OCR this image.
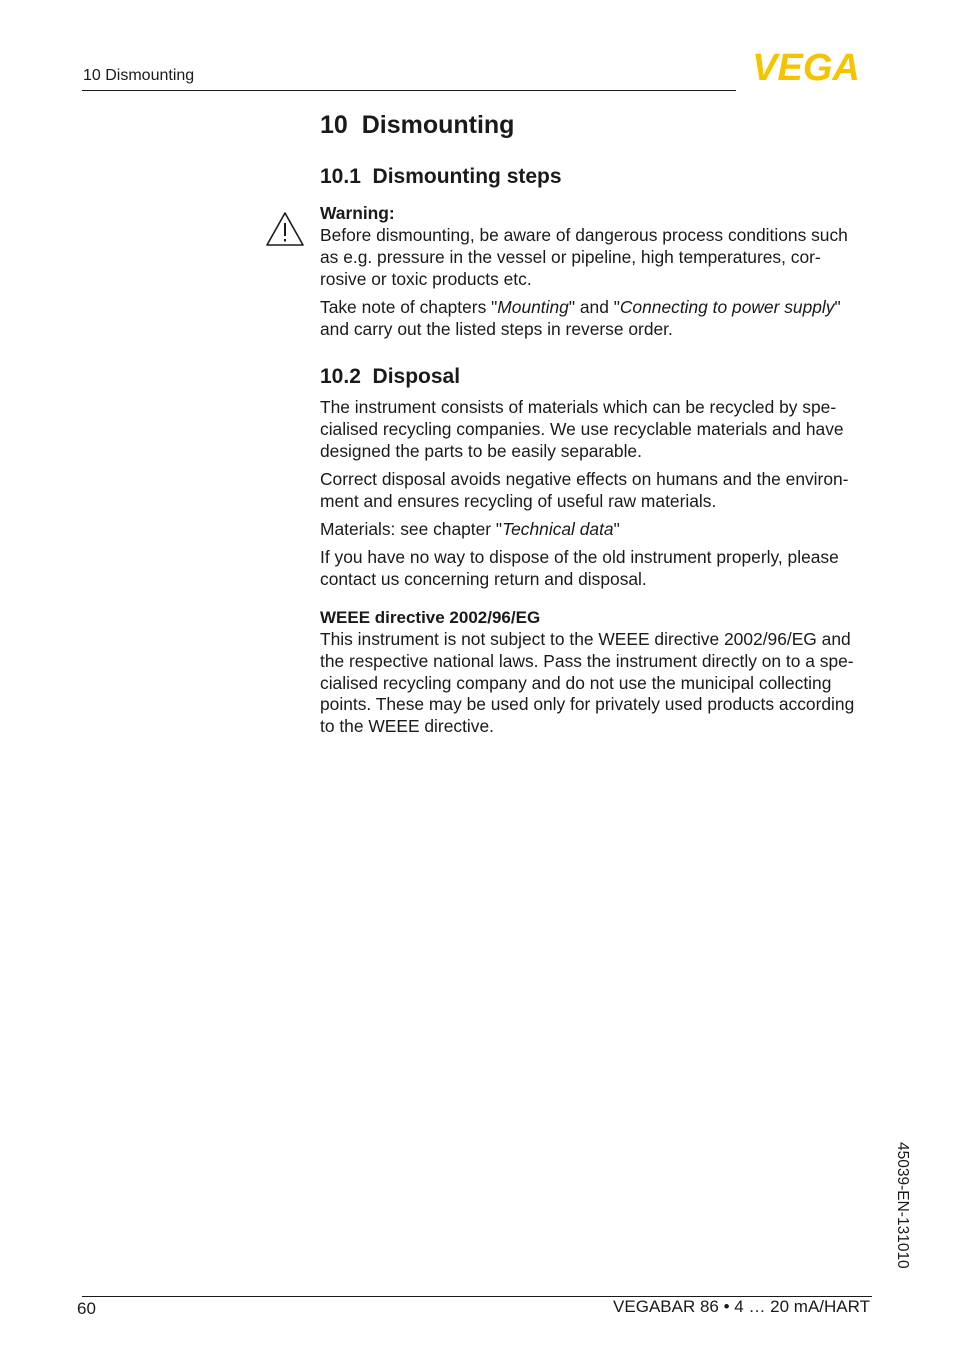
10 Dismounting	VEGA
10  Dismounting
10.1  Dismounting steps
Warning:
Before dismounting, be aware of dangerous process conditions such
as e.g. pressure in the vessel or pipeline, high temperatures, cor-
rosive or toxic products etc.
Take note of chapters "Mounting" and "Connecting to power supply"
and carry out the listed steps in reverse order.
10.2  Disposal
The instrument consists of materials which can be recycled by spe-
cialised recycling companies. We use recyclable materials and have
designed the parts to be easily separable.
Correct disposal avoids negative effects on humans and the environ-
ment and ensures recycling of useful raw materials.
Materials: see chapter "Technical data"
If you have no way to dispose of the old instrument properly, please
contact us concerning return and disposal.
WEEE directive 2002/96/EG
This instrument is not subject to the WEEE directive 2002/96/EG and
the respective national laws. Pass the instrument directly on to a spe-
cialised recycling company and do not use the municipal collecting
points. These may be used only for privately used products according
to the WEEE directive.
45039-EN-131010
60	VEGABAR 86 • 4 … 20 mA/HART
